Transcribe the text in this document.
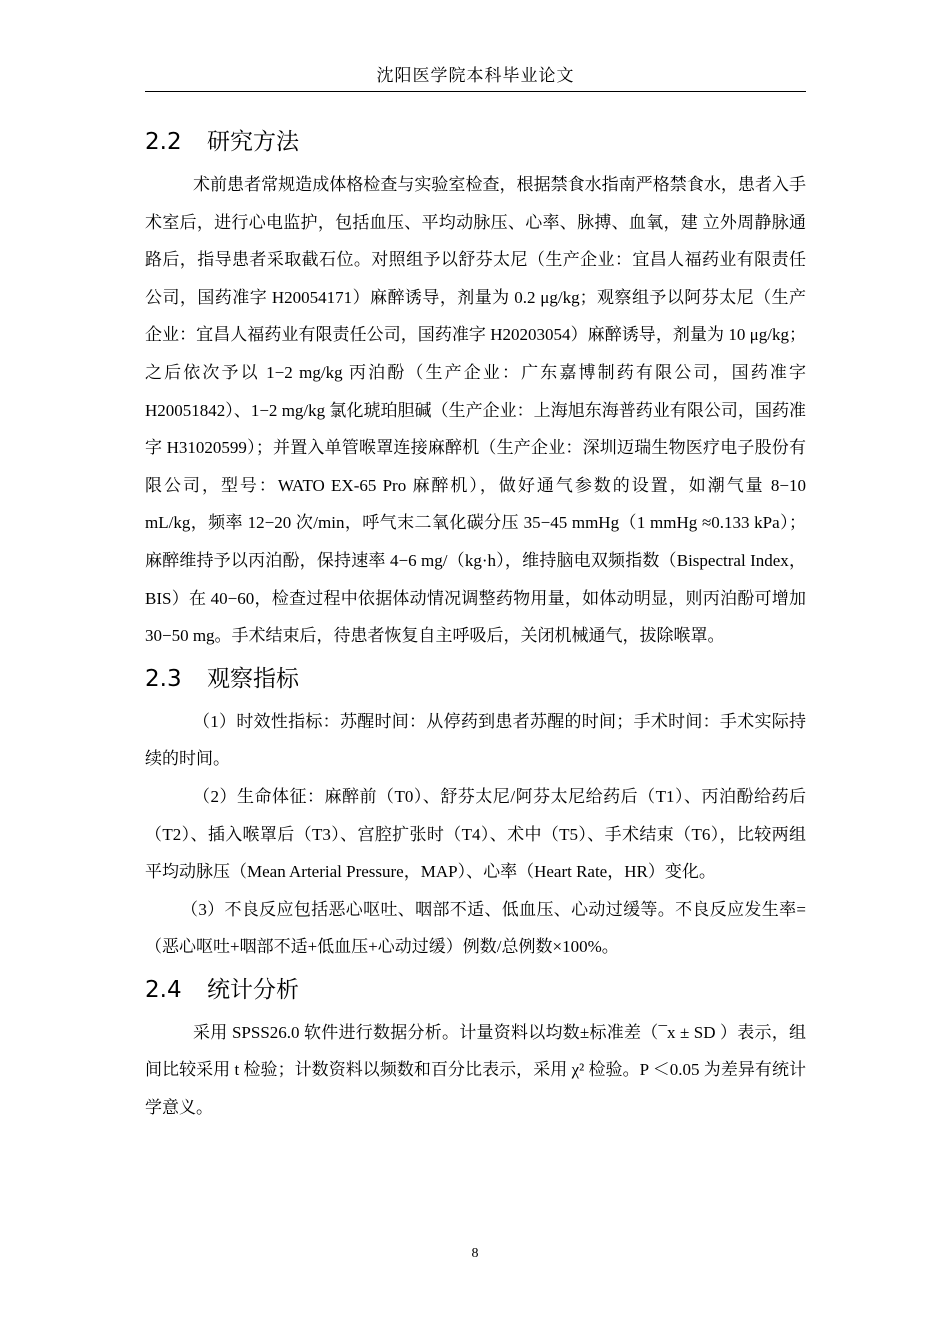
沈阳医学院本科毕业论文
2.2 研究方法

术前患者常规造成体格检查与实验室检查，根据禁食水指南严格禁食水，患者入手术室后，进行心电监护，包括血压、平均动脉压、心率、脉搏、血氧，建 立外周静脉通路后，指导患者采取截石位。对照组予以舒芬太尼（生产企业：宜昌人福药业有限责任公司，国药准字 H20054171）麻醉诱导，剂量为 0.2 μg/kg；观察组予以阿芬太尼（生产企业：宜昌人福药业有限责任公司，国药准字 H20203054）麻醉诱导，剂量为 10 μg/kg；之后依次予以 1−2 mg/kg 丙泊酚（生产企业：广东嘉博制药有限公司，国药准字 H20051842）、1−2 mg/kg 氯化琥珀胆碱（生产企业：上海旭东海普药业有限公司，国药准字 H31020599）；并置入单管喉罩连接麻醉机（生产企业：深圳迈瑞生物医疗电子股份有限公司，型号：WATO EX-65 Pro 麻醉机），做好通气参数的设置，如潮气量 8−10 mL/kg，频率 12−20 次/min，呼气末二氧化碳分压 35−45 mmHg（1 mmHg ≈0.133 kPa）；麻醉维持予以丙泊酚，保持速率 4−6 mg/（kg·h），维持脑电双频指数（Bispectral Index，BIS）在 40−60，检查过程中依据体动情况调整药物用量，如体动明显，则丙泊酚可增加 30−50 mg。手术结束后，待患者恢复自主呼吸后，关闭机械通气，拔除喉罩。

2.3 观察指标

（1）时效性指标：苏醒时间：从停药到患者苏醒的时间；手术时间：手术实际持续的时间。

（2）生命体征：麻醉前（T0）、舒芬太尼/阿芬太尼给药后（T1）、丙泊酚给药后（T2）、插入喉罩后（T3）、宫腔扩张时（T4）、术中（T5）、手术结束（T6），比较两组平均动脉压（Mean Arterial Pressure，MAP）、心率（Heart Rate，HR）变化。

（3）不良反应包括恶心呕吐、咽部不适、低血压、心动过缓等。不良反应发生率=（恶心呕吐+咽部不适+低血压+心动过缓）例数/总例数×100%。

2.4 统计分析

采用 SPSS26.0 软件进行数据分析。计量资料以均数±标准差（¯x ± SD ）表示，组间比较采用 t 检验；计数资料以频数和百分比表示，采用 χ² 检验。P ＜0.05 为差异有统计学意义。

8
